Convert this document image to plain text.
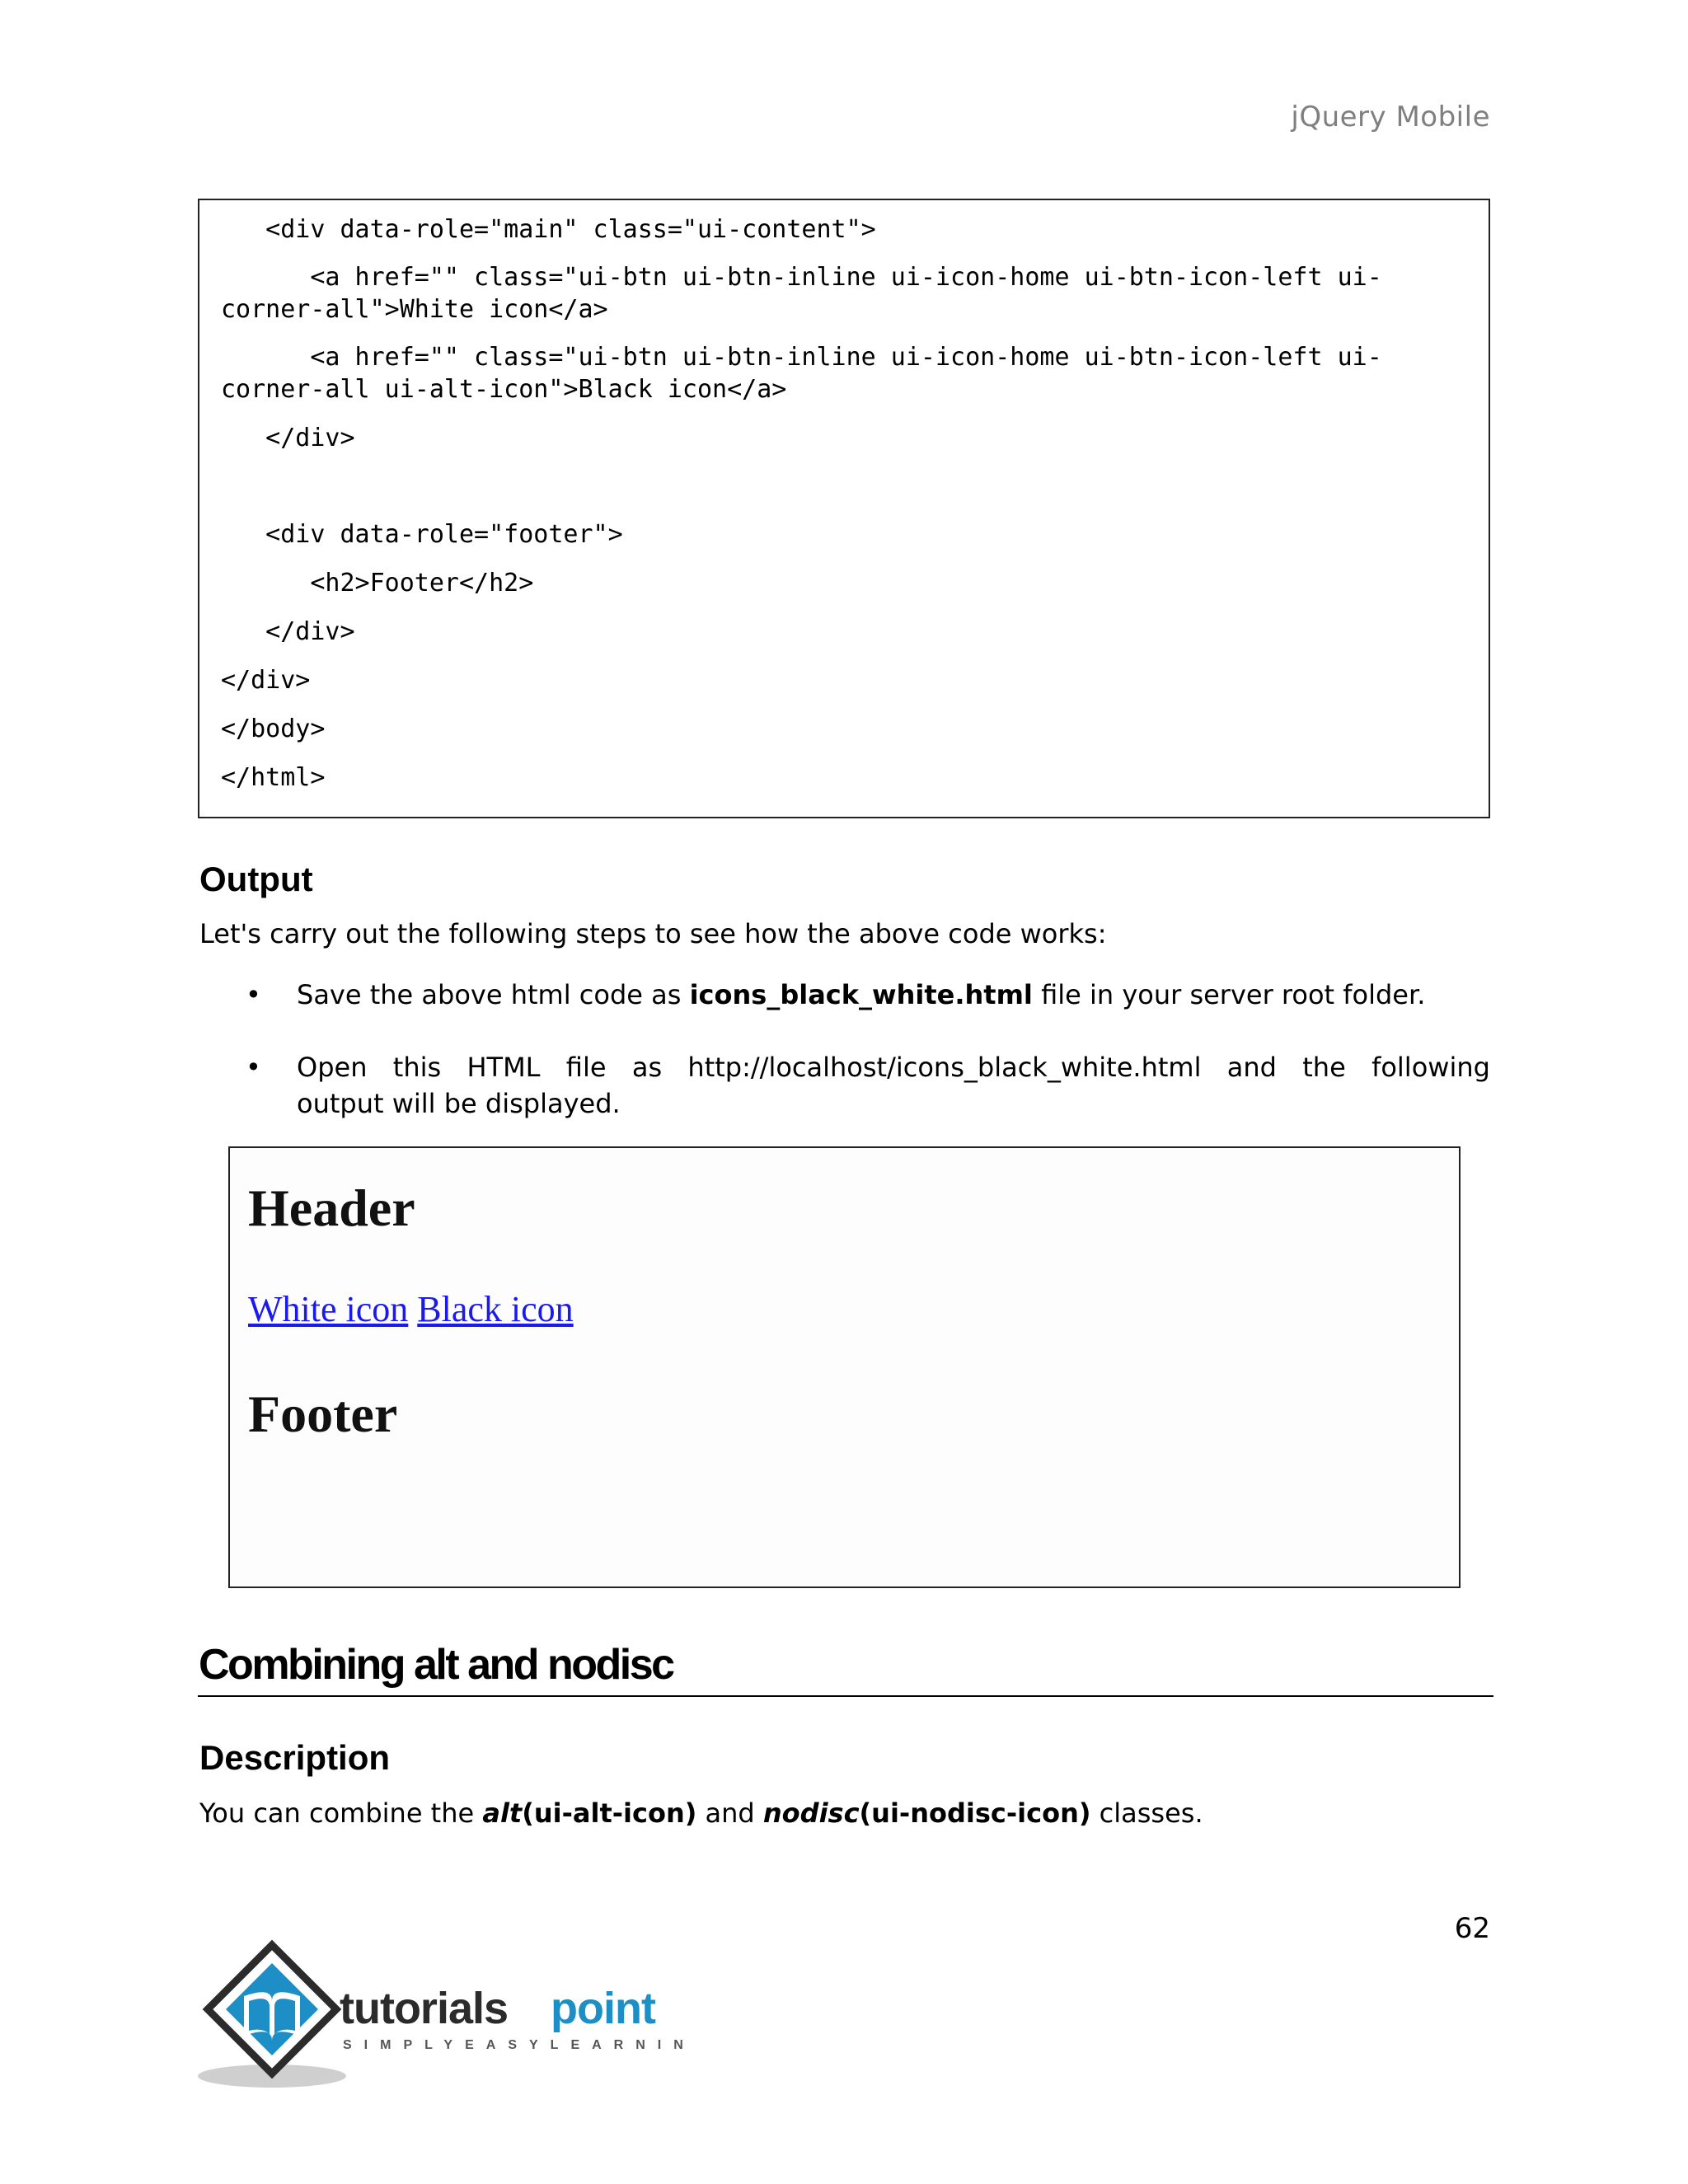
jQuery Mobile
<div data-role="main" class="ui-content">
<a href="" class="ui-btn ui-btn-inline ui-icon-home ui-btn-icon-left ui-
corner-all">White icon</a>
<a href="" class="ui-btn ui-btn-inline ui-icon-home ui-btn-icon-left ui-
corner-all ui-alt-icon">Black icon</a>
</div>
<div data-role="footer">
<h2>Footer</h2>
</div>
</div>
</body>
</html>
Output
Let's carry out the following steps to see how the above code works:
• Save the above html code as icons_black_white.html file in your server root folder.
• Open this HTML file as http://localhost/icons_black_white.html and the following
output will be displayed.
Header
White icon Black icon
Footer
Combining alt and nodisc
Description
You can combine the alt(ui-alt-icon) and nodisc(ui-nodisc-icon) classes.
62
tutorials point
SIMPLYEASYLEARNING
